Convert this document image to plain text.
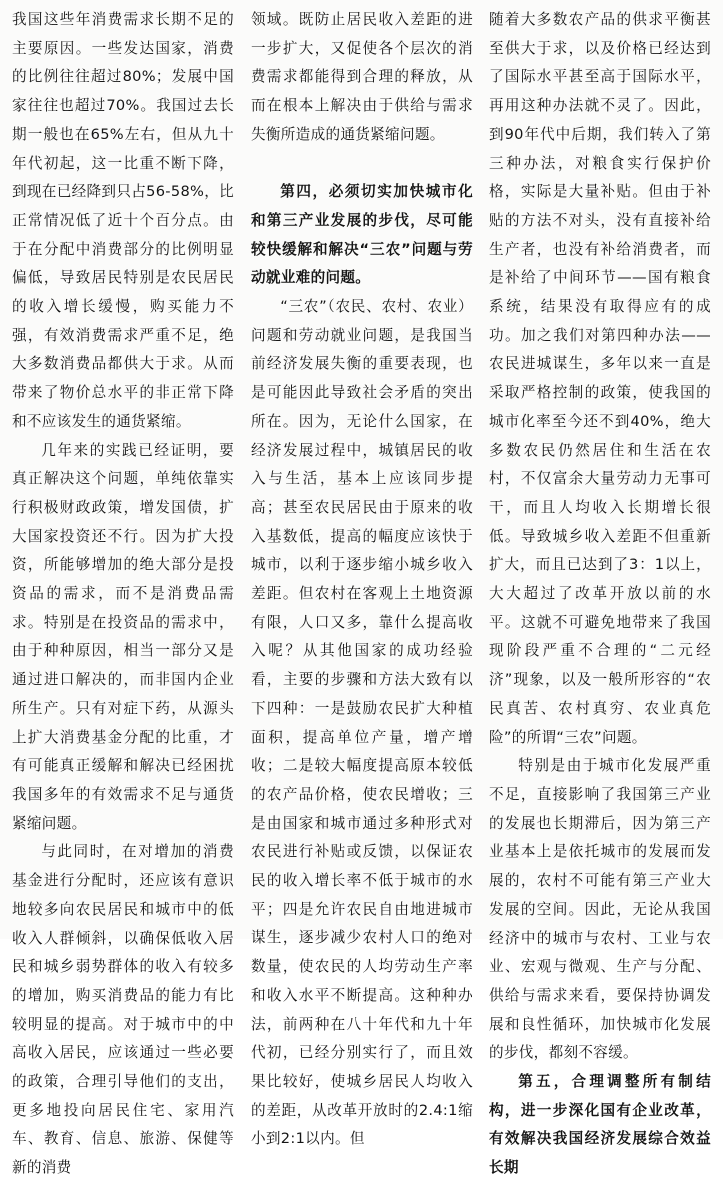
我国这些年消费需求长期不足的主要原因。一些发达国家，消费的比例往往超过80%；发展中国家往往也超过70%。我国过去长期一般也在65%左右，但从九十年代初起，这一比重不断下降，到现在已经降到只占56-58%，比正常情况低了近十个百分点。由于在分配中消费部分的比例明显偏低，导致居民特别是农民居民的收入增长缓慢，购买能力不强，有效消费需求严重不足，绝大多数消费品都供大于求。从而带来了物价总水平的非正常下降和不应该发生的通货紧缩。

几年来的实践已经证明，要真正解决这个问题，单纯依靠实行积极财政政策，增发国债，扩大国家投资还不行。因为扩大投资，所能够增加的绝大部分是投资品的需求，而不是消费品需求。特别是在投资品的需求中，由于种种原因，相当一部分又是通过进口解决的，而非国内企业所生产。只有对症下药，从源头上扩大消费基金分配的比重，才有可能真正缓解和解决已经困扰我国多年的有效需求不足与通货紧缩问题。

与此同时，在对增加的消费基金进行分配时，还应该有意识地较多向农民居民和城市中的低收入人群倾斜，以确保低收入居民和城乡弱势群体的收入有较多的增加，购买消费品的能力有比较明显的提高。对于城市中的中高收入居民，应该通过一些必要的政策，合理引导他们的支出，更多地投向居民住宅、家用汽车、教育、信息、旅游、保健等新的消费

领域。既防止居民收入差距的进一步扩大，又促使各个层次的消费需求都能得到合理的释放，从而在根本上解决由于供给与需求失衡所造成的通货紧缩问题。

第四，必须切实加快城市化和第三产业发展的步伐，尽可能较快缓解和解决“三农”问题与劳动就业难的问题。

“三农”（农民、农村、农业）问题和劳动就业问题，是我国当前经济发展失衡的重要表现，也是可能因此导致社会矛盾的突出所在。因为，无论什么国家，在经济发展过程中，城镇居民的收入与生活，基本上应该同步提高；甚至农民居民由于原来的收入基数低，提高的幅度应该快于城市，以利于逐步缩小城乡收入差距。但农村在客观上土地资源有限，人口又多，靠什么提高收入呢？从其他国家的成功经验看，主要的步骤和方法大致有以下四种：一是鼓励农民扩大种植面积，提高单位产量，增产增收；二是较大幅度提高原本较低的农产品价格，使农民增收；三是由国家和城市通过多种形式对农民进行补贴或反馈，以保证农民的收入增长率不低于城市的水平；四是允许农民自由地进城市谋生，逐步减少农村人口的绝对数量，使农民的人均劳动生产率和收入水平不断提高。这种种办法，前两种在八十年代和九十年代初，已经分别实行了，而且效果比较好，使城乡居民人均收入的差距，从改革开放时的2.4:1缩小到2:1以内。但

随着大多数农产品的供求平衡甚至供大于求，以及价格已经达到了国际水平甚至高于国际水平，再用这种办法就不灵了。因此，到90年代中后期，我们转入了第三种办法，对粮食实行保护价格，实际是大量补贴。但由于补贴的方法不对头，没有直接补给生产者，也没有补给消费者，而是补给了中间环节——国有粮食系统，结果没有取得应有的成功。加之我们对第四种办法——农民进城谋生，多年以来一直是采取严格控制的政策，使我国的城市化率至今还不到40%，绝大多数农民仍然居住和生活在农村，不仅富余大量劳动力无事可干，而且人均收入长期增长很低。导致城乡收入差距不但重新扩大，而且已达到了3：1以上，大大超过了改革开放以前的水平。这就不可避免地带来了我国现阶段严重不合理的“二元经济”现象，以及一般所形容的“农民真苦、农村真穷、农业真危险”的所谓“三农”问题。

特别是由于城市化发展严重不足，直接影响了我国第三产业的发展也长期滞后，因为第三产业基本上是依托城市的发展而发展的，农村不可能有第三产业大发展的空间。因此，无论从我国经济中的城市与农村、工业与农业、宏观与微观、生产与分配、供给与需求来看，要保持协调发展和良性循环，加快城市化发展的步伐，都刻不容缓。

第五，合理调整所有制结构，进一步深化国有企业改革，有效解决我国经济发展综合效益长期
